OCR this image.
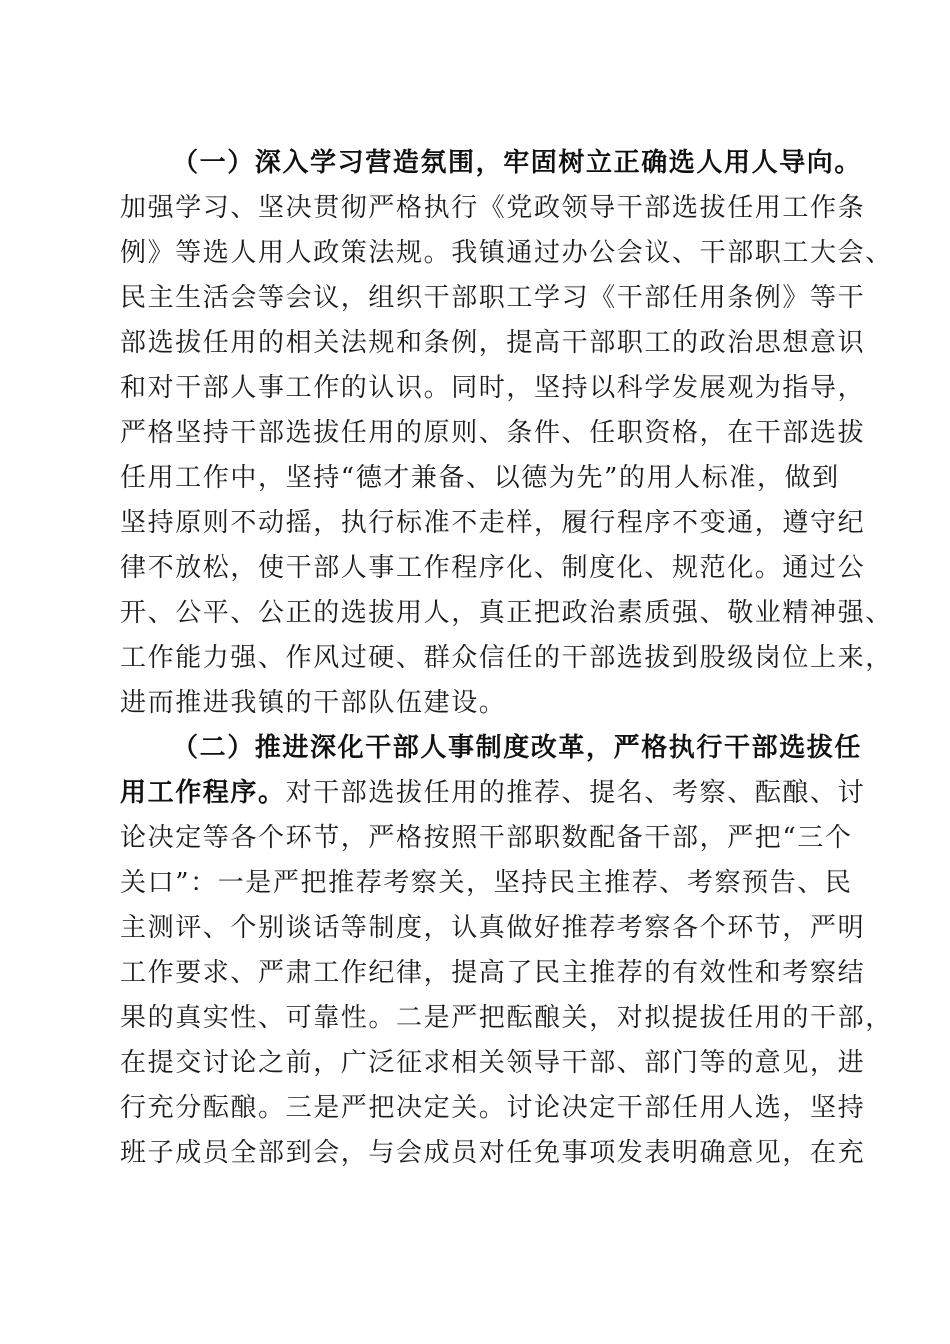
（一）深入学习营造氛围，牢固树立正确选人用人导向。
加强学习、坚决贯彻严格执行《党政领导干部选拔任用工作条
例》等选人用人政策法规。我镇通过办公会议、干部职工大会、
民主生活会等会议，组织干部职工学习《干部任用条例》等干
部选拔任用的相关法规和条例，提高干部职工的政治思想意识
和对干部人事工作的认识。同时，坚持以科学发展观为指导，
严格坚持干部选拔任用的原则、条件、任职资格，在干部选拔
任用工作中，坚持“德才兼备、以德为先”的用人标准，做到
坚持原则不动摇，执行标准不走样，履行程序不变通，遵守纪
律不放松，使干部人事工作程序化、制度化、规范化。通过公
开、公平、公正的选拔用人，真正把政治素质强、敬业精神强、
工作能力强、作风过硬、群众信任的干部选拔到股级岗位上来，
进而推进我镇的干部队伍建设。
（二）推进深化干部人事制度改革，严格执行干部选拔任
用工作程序。对干部选拔任用的推荐、提名、考察、酝酿、讨
论决定等各个环节，严格按照干部职数配备干部，严把“三个
关口”：一是严把推荐考察关，坚持民主推荐、考察预告、民
主测评、个别谈话等制度，认真做好推荐考察各个环节，严明
工作要求、严肃工作纪律，提高了民主推荐的有效性和考察结
果的真实性、可靠性。二是严把酝酿关，对拟提拔任用的干部，
在提交讨论之前，广泛征求相关领导干部、部门等的意见，进
行充分酝酿。三是严把决定关。讨论决定干部任用人选，坚持
班子成员全部到会，与会成员对任免事项发表明确意见，在充
